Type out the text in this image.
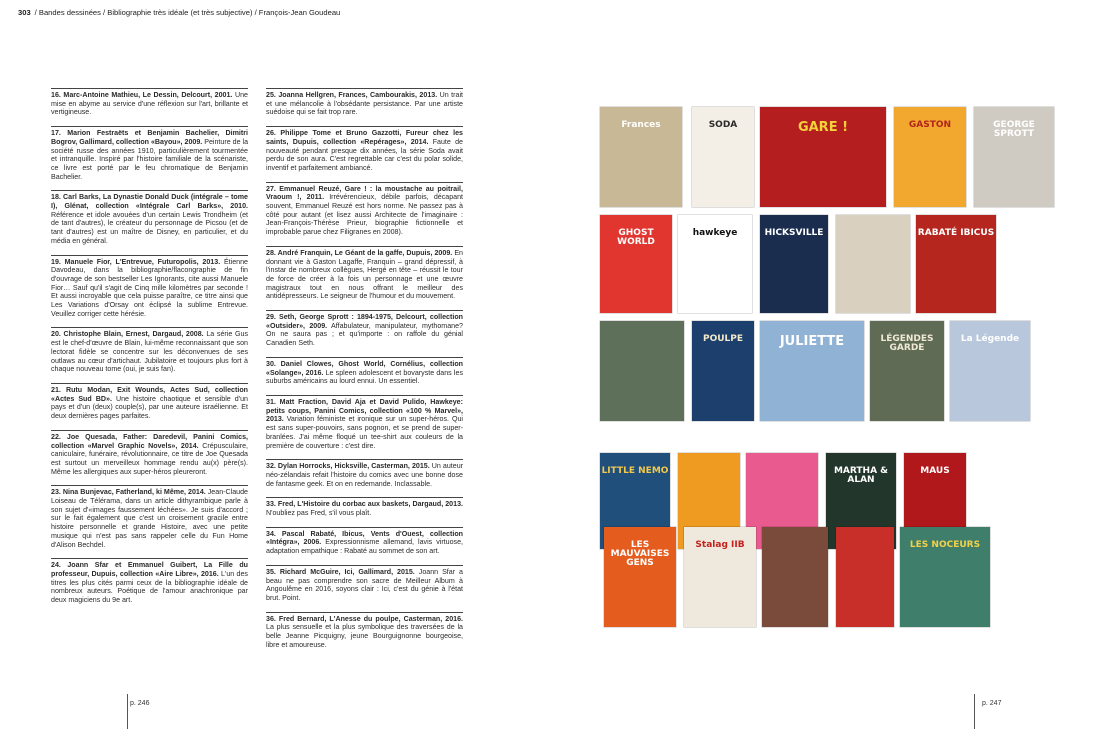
303 / Bandes dessinées / Bibliographie très idéale (et très subjective) / François-Jean Goudeau
16. Marc-Antoine Mathieu, Le Dessin, Delcourt, 2001. Une mise en abyme au service d'une réflexion sur l'art, brillante et vertigineuse.
17. Marion Festraëts et Benjamin Bachelier, Dimitri Bogrov, Gallimard, collection «Bayou», 2009. Peinture de la société russe des années 1910, particulièrement tourmentée et intranquille. Inspiré par l'histoire familiale de la scénariste, ce livre est porté par le feu chromatique de Benjamin Bachelier.
18. Carl Barks, La Dynastie Donald Duck (intégrale – tome I), Glénat, collection «Intégrale Carl Barks», 2010. Référence et idole avouées d'un certain Lewis Trondheim (et de tant d'autres), le créateur du personnage de Picsou (et de tant d'autres) est un maître de Disney, en particulier, et du média en général.
19. Manuele Fior, L'Entrevue, Futuropolis, 2013. Étienne Davodeau, dans la bibliographie/flacongraphie de fin d'ouvrage de son bestseller Les Ignorants, cite aussi Manuele Fior… Sauf qu'il s'agit de Cinq mille kilomètres par seconde ! Et aussi incroyable que cela puisse paraître, ce titre ainsi que Les Variations d'Orsay ont éclipsé la sublime Entrevue. Veuillez corriger cette hérésie.
20. Christophe Blain, Ernest, Dargaud, 2008. La série Gus est le chef-d'œuvre de Blain, lui-même reconnaissant que son lectorat fidèle se concentre sur les déconvenues de ses outlaws au cœur d'artichaut. Jubilatoire et toujours plus fort à chaque nouveau tome (oui, je suis fan).
21. Rutu Modan, Exit Wounds, Actes Sud, collection «Actes Sud BD». Une histoire chaotique et sensible d'un pays et d'un (deux) couple(s), par une auteure israélienne. Et deux dernières pages parfaites.
22. Joe Quesada, Father: Daredevil, Panini Comics, collection «Marvel Graphic Novels», 2014. Crépusculaire, caniculaire, funéraire, révolutionnaire, ce titre de Joe Quesada est surtout un merveilleux hommage rendu au(x) père(s). Même les allergiques aux super-héros pleureront.
23. Nina Bunjevac, Fatherland, ki Même, 2014. Jean-Claude Loiseau de Télérama, dans un article dithyrambique parle à son sujet d'«images faussement léchées». Je suis d'accord ; sur le fait également que c'est un croisement gracile entre histoire personnelle et grande Histoire, avec une petite musique qui n'est pas sans rappeler celle du Fun Home d'Alison Bechdel.
24. Joann Sfar et Emmanuel Guibert, La Fille du professeur, Dupuis, collection «Aire Libre», 2016. L'un des titres les plus cités parmi ceux de la bibliographie idéale de nombreux auteurs. Poétique de l'amour anachronique par deux magiciens du 9e art.
25. Joanna Hellgren, Frances, Cambourakis, 2013. Un trait et une mélancolie à l'obsédante persistance. Par une artiste suédoise qui se fait trop rare.
26. Philippe Tome et Bruno Gazzotti, Fureur chez les saints, Dupuis, collection «Repérages», 2014. Faute de nouveauté pendant presque dix années, la série Soda avait perdu de son aura. C'est regrettable car c'est du polar solide, inventif et parfaitement ambiancé.
27. Emmanuel Reuzé, Gare ! : la moustache au poitrail, Vraoum !, 2011. Irrévérencieux, débile parfois, décapant souvent, Emmanuel Reuzé est hors norme. Ne passez pas à côté pour autant (et lisez aussi Architecte de l'imaginaire : Jean-François-Thérèse Prieur, biographie fictionnelle et improbable parue chez Filigranes en 2008).
28. André Franquin, Le Géant de la gaffe, Dupuis, 2009. En donnant vie à Gaston Lagaffe, Franquin – grand dépressif, à l'instar de nombreux collègues, Hergé en tête – réussit le tour de force de créer à la fois un personnage et une œuvre magistraux tout en nous offrant le meilleur des antidépresseurs. Le seigneur de l'humour et du mouvement.
29. Seth, George Sprott : 1894-1975, Delcourt, collection «Outsider», 2009. Affabulateur, manipulateur, mythomane? On ne saura pas ; et qu'importe : on raffole du génial Canadien Seth.
30. Daniel Clowes, Ghost World, Cornélius, collection «Solange», 2016. Le spleen adolescent et bovaryste dans les suburbs américains au lourd ennui. Un essentiel.
31. Matt Fraction, David Aja et David Pulido, Hawkeye: petits coups, Panini Comics, collection «100 % Marvel», 2013. Variation féministe et ironique sur un super-héros. Qui est sans super-pouvoirs, sans pognon, et se prend de super-branlées. J'ai même floqué un tee-shirt aux couleurs de la première de couverture : c'est dire.
32. Dylan Horrocks, Hicksville, Casterman, 2015. Un auteur néo-zélandais refait l'histoire du comics avec une bonne dose de fantasme geek. Et on en redemande. Inclassable.
33. Fred, L'Histoire du corbac aux baskets, Dargaud, 2013. N'oubliez pas Fred, s'il vous plaît.
34. Pascal Rabaté, Ibicus, Vents d'Ouest, collection «Intégra», 2006. Expressionnisme allemand, lavis virtuose, adaptation empathique : Rabaté au sommet de son art.
35. Richard McGuire, Ici, Gallimard, 2015. Joann Sfar a beau ne pas comprendre son sacre de Meilleur Album à Angoulême en 2016, soyons clair : Ici, c'est du génie à l'état brut. Point.
36. Fred Bernard, L'Anesse du poulpe, Casterman, 2016. La plus sensuelle et la plus symbolique des traversées de la belle Jeanne Picquigny, jeune Bourguignonne bourgeoise, libre et amoureuse.
Frances	SODA	GARE !	GASTON	GEORGE SPROTT
GHOST WORLD
hawkeye	HICKSVILLE	RABATÉ IBICUS
POULPE	JULIETTE	LÉGENDES GARDE
La Légende
LITTLE NEMO	MARTHA & ALAN
MAUS
LES MAUVAISES GENS
Stalag IIB	LES NOCEURS
p. 246	p. 247
